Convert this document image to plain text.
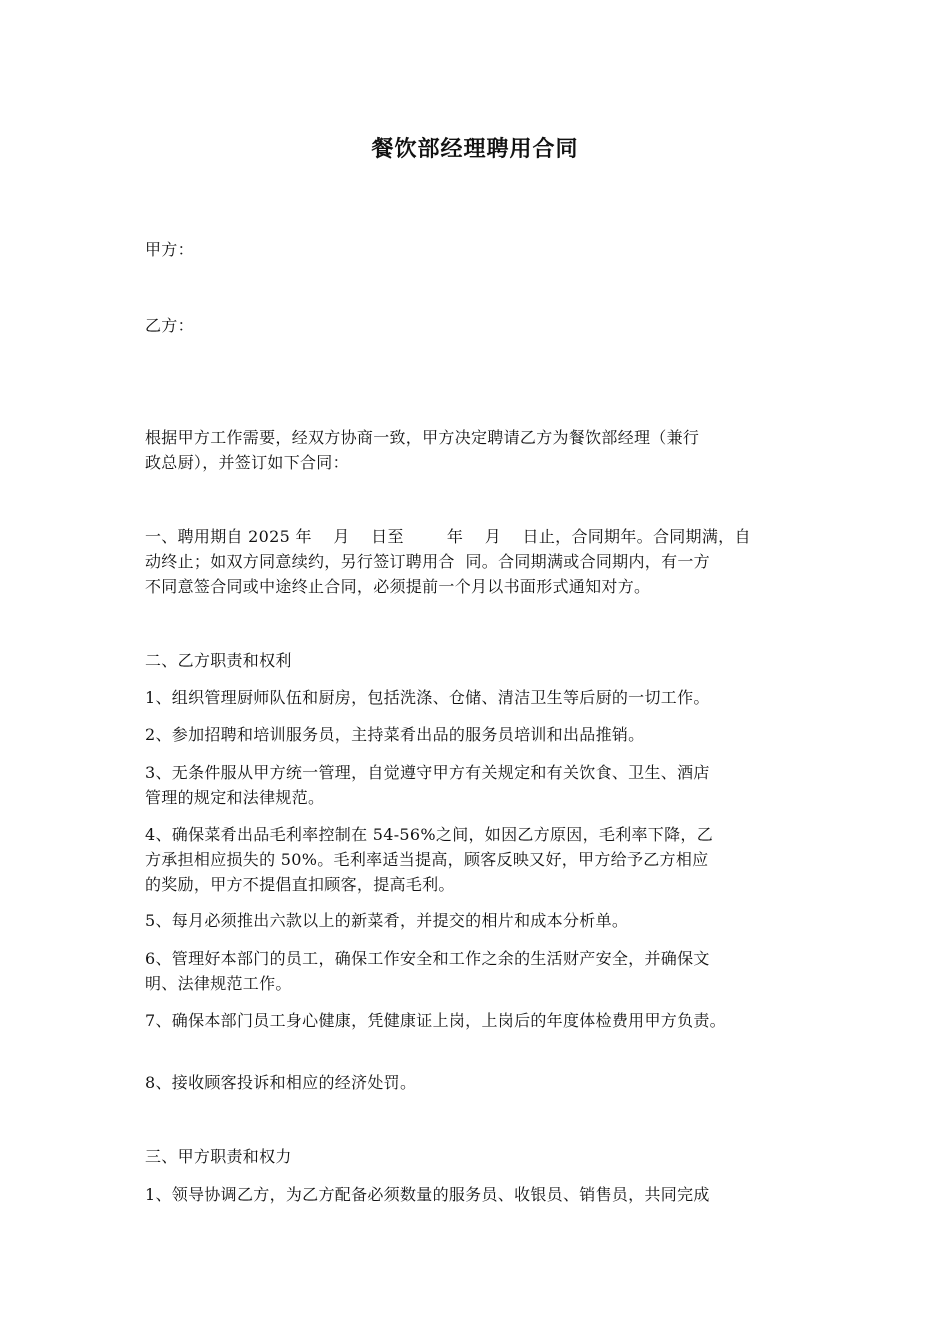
餐饮部经理聘用合同
甲方：
乙方：
根据甲方工作需要，经双方协商一致，甲方决定聘请乙方为餐饮部经理（兼行
政总厨），并签订如下合同：
一、聘用期自 2025 年    月    日至        年    月    日止，合同期年。合同期满，自
动终止；如双方同意续约，另行签订聘用合  同。合同期满或合同期内，有一方
不同意签合同或中途终止合同，必须提前一个月以书面形式通知对方。
二、乙方职责和权利
1、组织管理厨师队伍和厨房，包括洗涤、仓储、清洁卫生等后厨的一切工作。
2、参加招聘和培训服务员，主持菜肴出品的服务员培训和出品推销。
3、无条件服从甲方统一管理，自觉遵守甲方有关规定和有关饮食、卫生、酒店
管理的规定和法律规范。
4、确保菜肴出品毛利率控制在 54-56%之间，如因乙方原因，毛利率下降，乙
方承担相应损失的 50%。毛利率适当提高，顾客反映又好，甲方给予乙方相应
的奖励，甲方不提倡直扣顾客，提高毛利。
5、每月必须推出六款以上的新菜肴，并提交的相片和成本分析单。
6、管理好本部门的员工，确保工作安全和工作之余的生活财产安全，并确保文
明、法律规范工作。
7、确保本部门员工身心健康，凭健康证上岗，上岗后的年度体检费用甲方负责。
8、接收顾客投诉和相应的经济处罚。
三、甲方职责和权力
1、领导协调乙方，为乙方配备必须数量的服务员、收银员、销售员，共同完成
